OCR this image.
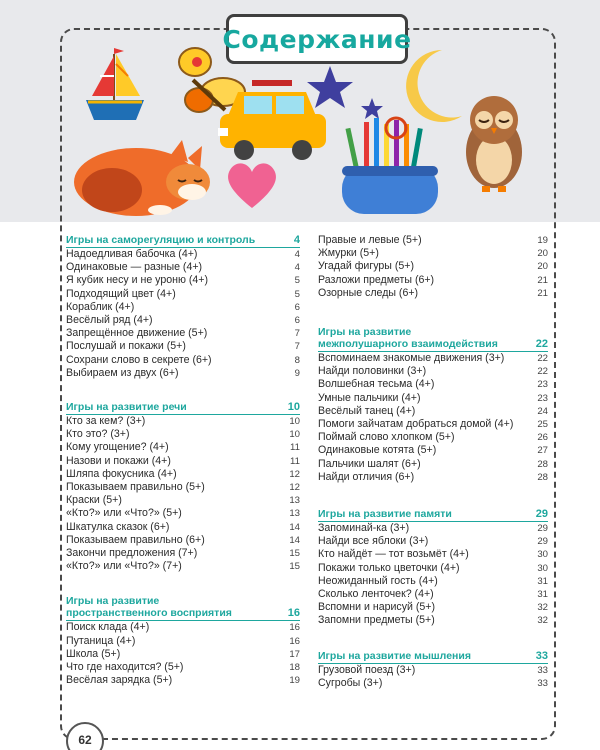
Содержание
Игры на саморегуляцию и контроль	4
Надоедливая бабочка (4+)	4
Одинаковые — разные (4+)	4
Я кубик несу и не уроню (4+)	5
Подходящий цвет (4+)	5
Кораблик (4+)	6
Весёлый ряд (4+)	6
Запрещённое движение (5+)	7
Послушай и покажи (5+)	7
Сохрани слово в секрете (6+)	8
Выбираем из двух (6+)	9
Игры на развитие речи	10
Кто за кем? (3+)	10
Кто это? (3+)	10
Кому угощение? (4+)	11
Назови и покажи (4+)	11
Шляпа фокусника (4+)	12
Показываем правильно (5+)	12
Краски (5+)	13
«Кто?» или «Что?» (5+)	13
Шкатулка сказок (6+)	14
Показываем правильно (6+)	14
Закончи предложения (7+)	15
«Кто?» или «Что?» (7+)	15
Игры на развитие
пространственного восприятия	16
Поиск клада (4+)	16
Путаница (4+)	16
Школа (5+)	17
Что где находится? (5+)	18
Весёлая зарядка (5+)	19
Правые и левые (5+)	19
Жмурки (5+)	20
Угадай фигуры (5+)	20
Разложи предметы (6+)	21
Озорные следы (6+)	21
Игры на развитие
межполушарного взаимодействия	22
Вспоминаем знакомые движения (3+)	22
Найди половинки (3+)	22
Волшебная тесьма (4+)	23
Умные пальчики (4+)	23
Весёлый танец (4+)	24
Помоги зайчатам добраться домой (4+) 25
Поймай слово хлопком (5+)	26
Одинаковые котята (5+)	27
Пальчики шалят (6+)	28
Найди отличия (6+)	28
Игры на развитие памяти	29
Запоминай-ка (3+)	29
Найди все яблоки (3+)	29
Кто найдёт — тот возьмёт (4+)	30
Покажи только цветочки (4+)	30
Неожиданный гость (4+)	31
Сколько ленточек? (4+)	31
Вспомни и нарисуй (5+)	32
Запомни предметы (5+)	32
Игры на развитие мышления	33
Грузовой поезд (3+)	33
Сугробы (3+)	33
62
